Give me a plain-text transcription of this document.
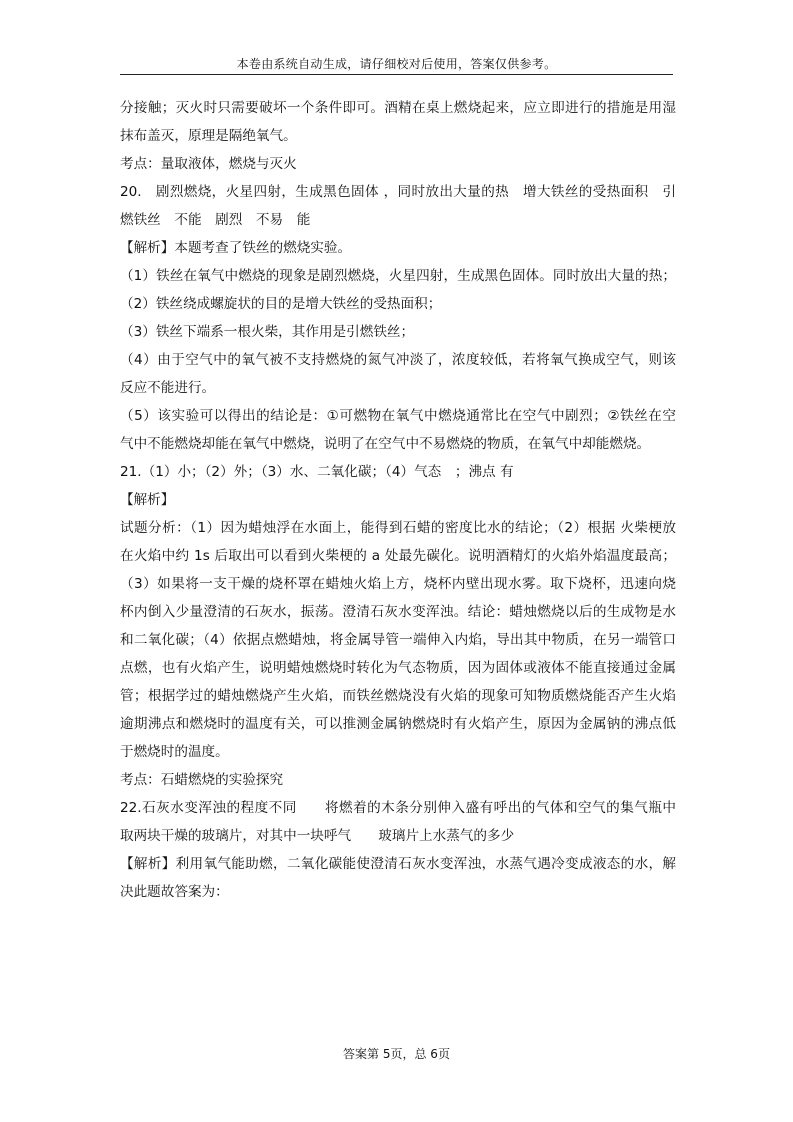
本卷由系统自动生成，请仔细校对后使用，答案仅供参考。
分接触；灭火时只需要破坏一个条件即可。酒精在桌上燃烧起来，应立即进行的措施是用湿
抹布盖灭，原理是隔绝氧气。
考点：量取液体，燃烧与灭火
20.　剧烈燃烧，火星四射，生成黑色固体 ，同时放出大量的热　增大铁丝的受热面积　引
燃铁丝　不能　剧烈　不易　能
【解析】本题考查了铁丝的燃烧实验。
（1）铁丝在氧气中燃烧的现象是剧烈燃烧，火星四射，生成黑色固体。同时放出大量的热；
（2）铁丝绕成螺旋状的目的是增大铁丝的受热面积；
（3）铁丝下端系一根火柴，其作用是引燃铁丝；
（4）由于空气中的氧气被不支持燃烧的氮气冲淡了，浓度较低，若将氧气换成空气，则该
反应不能进行。
（5）该实验可以得出的结论是：①可燃物在氧气中燃烧通常比在空气中剧烈；②铁丝在空
气中不能燃烧却能在氧气中燃烧，说明了在空气中不易燃烧的物质，在氧气中却能燃烧。
21.（1）小；（2）外；（3）水、二氧化碳；（4）气态　；沸点 有
【解析】
试题分析：（1）因为蜡烛浮在水面上，能得到石蜡的密度比水的结论；（2）根据 火柴梗放
在火焰中约 1s 后取出可以看到火柴梗的 a 处最先碳化。说明酒精灯的火焰外焰温度最高；
（3）如果将一支干燥的烧杯罩在蜡烛火焰上方，烧杯内壁出现水雾。取下烧杯，迅速向烧
杯内倒入少量澄清的石灰水，振荡。澄清石灰水变浑浊。结论：蜡烛燃烧以后的生成物是水
和二氧化碳；（4）依据点燃蜡烛，将金属导管一端伸入内焰，导出其中物质，在另一端管口
点燃，也有火焰产生，说明蜡烛燃烧时转化为气态物质，因为固体或液体不能直接通过金属
管；根据学过的蜡烛燃烧产生火焰，而铁丝燃烧没有火焰的现象可知物质燃烧能否产生火焰
逾期沸点和燃烧时的温度有关，可以推测金属钠燃烧时有火焰产生，原因为金属钠的沸点低
于燃烧时的温度。
考点：石蜡燃烧的实验探究
22.石灰水变浑浊的程度不同　　将燃着的木条分别伸入盛有呼出的气体和空气的集气瓶中
取两块干燥的玻璃片，对其中一块呼气　　玻璃片上水蒸气的多少
【解析】利用氧气能助燃，二氧化碳能使澄清石灰水变浑浊，水蒸气遇冷变成液态的水，解
决此题故答案为：
答案第 5页，总 6页
